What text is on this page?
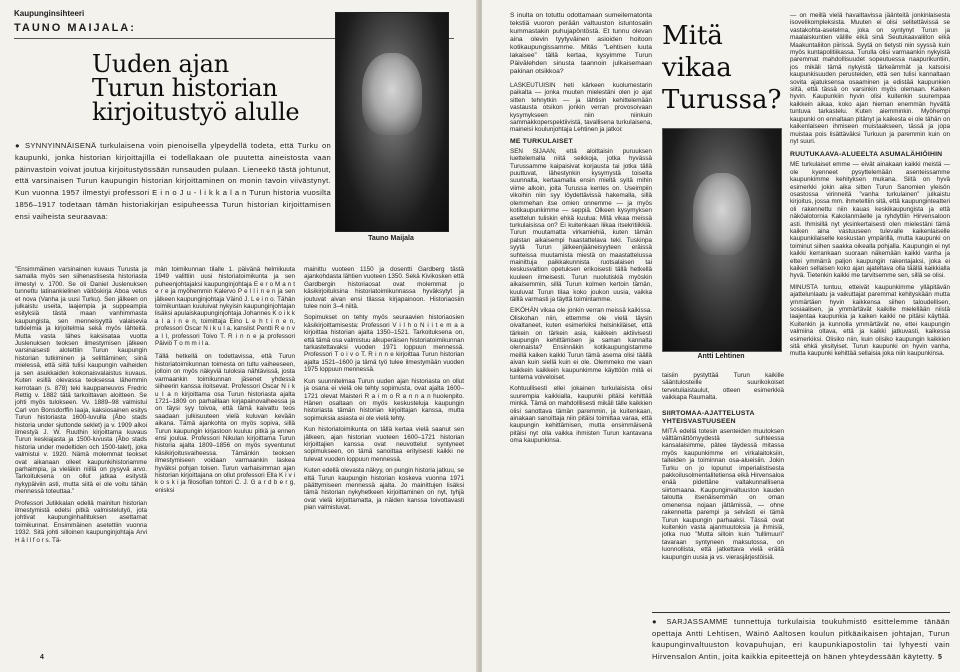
Kaupunginsihteeri
TAUNO MAIJALA:
Uuden ajan Turun historian kirjoitustyö alulle
Tauno Maijala
● SYNNYINNÄISENÄ turkulaisena voin pienoisella ylpeydellä todeta, että Turku on kaupunki, jonka historian kirjoittajilla ei todellakaan ole puutetta aineistosta vaan päinvastoin voivat joutua kirjoitustyössään runsauden pulaan. Lieneekö tästä johtunut, että varsinaisen Turun kaupungin historian kirjoittaminen on monin tavoin viivästynyt. Kun vuonna 1957 ilmestyi professori E i n o J u - l i k k a l a n Turun historia vuosilta 1856–1917 todetaan tämän historiakirjan esipuheessa Turun historian kirjoittamisen ensi vaiheista seuraavaa:
”Ensimmäinen varsinainen kuvaus Turusta ja samalla myös sen siihenastisesta historiasta ilmestyi v. 1700. Se oli Daniel Juslenuksen tunnettu latinankielinen väitöskirja Aboa vetus et nova (Vanha ja uusi Turku). Sen jälkeen on julkaistu useita, laajempia ja suppeampia esityksiä tästä maan vanhimmasta kaupungista, sen menneisyyttä valaisevia tutkielmia ja kirjoitelmia sekä myös lähteitä. Mutta vasta lähes kaksisataa vuotta Juslenuksen teoksen ilmestymisen jälkeen varsinaisesti alotettiin Turun kaupungin historian tutkiminen ja selittäminen; siinä mielessä, että siitä tulisi kaupungin vaiheiden ja sen asukkaiden kokonaisvalaistus kuvaus. Kuten esillä olevassa teoksessa lähemmin kerrotaan (s. 878) teki kauppaneuvos Fredric Rettig v. 1882 tätä tarkoittavan aloitteen. Se johti myös tulokseen. Vv. 1889–98 valmistui Carl von Bonsdorffin laaja, kaksiosainen esitys Turun historiasta 1600-luvulla (Åbo stads historia under sjuttonde seklet) ja v. 1909 alkoi ilmestyä J. W. Ruuthin kirjoittama kuvaus Turun keskiajasta ja 1500-luvusta (Åbo stads historia under medeltiden och 1500-talet), joka valmistui v. 1920. Nämä molemmat teokset ovat aikanaan olleet kaupunkihistoriamme parhaimpia, ja vieläkin niillä on pysyvä arvo. Tarkoituksena on ollut jatkaa esitystä nykypäiviin asti, mutta siitä ei ole voitu tähän mennessä toteuttaa.”
Professori Jutikkalan edellä mainitun historian ilmestymistä edelsi pitkä valmistelutyö, jota johtivat kaupunginhallituksen asettamat toimikunnat. Ensimmäinen asetettiin vuonna 1932. Sitä johti silloinen kaupunginjohtaja Arvi H ä l l f o r s. Tä-
män toimikunnan tilalle 1. päivänä helmikuuta 1949 valittiin uusi historiatoimikunta ja sen puheenjohtajaksi kaupunginjohtaja E e r o M a n t e r e ja myöhemmin Kalervo P e l l i n e n ja sen jälkeen kaupunginjohtaja Väinö J. L e i n o. Tähän toimikuntaan kuuluivat nykyisin kaupunginjohtajan lisäksi apulaiskaupunginjohtaja Johannes K o i k k a l a i n e n, toimittaja Eino L e h t i n e n, professori Oscar N i k u l a, kanslist Pentti R e n v a l l, professori Toivo T. R i n n e ja professori Päiviö T o m m i l a.
Tällä hetkellä on todettavissa, että Turun historiatoimikunnan toimesta on tultu vaiheeseen, jolloin on myös näkyviä tuloksia nähtävissä, josta varmaankin toimikunnan jäsenet yhdessä siiheerin kanssa iloitsevat. Professori Oscar N i k u l a n kirjoittama osa Turun historiasta ajalta 1721–1809 on parhaillaan kirjapainovaiheessa ja on täysi syy toivoa, että tämä kaivattu teos saadaan julkisuuteen vielä kuluvan kevään aikana. Tämä ajankohta on myös sopiva, sillä Turun kaupungin kirjastoon kuuluu pitkä ja ennen ensi joulua. Professori Nikulan kirjoittama Turun historia ajalta 1809–1856 on myös syventunut käsikirjoitusvaiheessa. Tämänkin teoksen ilmestymiseen voidaan varmaankin laskea hyväksi pohjan toisen. Turun varhaisimman ajan historian kirjoittajana on ollut professori Ella K i v i k o s k i ja filosofian tohtori C. J. G a r d b e r g, enisksi
mainittu vuoteen 1150 ja dosentti Gardberg tästä ajankohdasta lähtien vuoteen 1350. Sekä Kivikosken että Gardbergin historiaosat ovat molemmat jo käsikirjoituksina historiatoimikunnassa hyväksytyt ja joutuvat aivan ensi tilassa kirjapainoon. Historiaosiin tulee noin 3–4 niitä.
Sopimukset on tehty myös seuraavien historiaosien käsikirjoittamisesta: Professori V i l h o N i i t e m a a kirjoittaa historian ajalta 1350–1521. Tarkoituksena on, että tämä osa valmistuu alkuperäisen historiatoimikunnan tarkastettavaksi vuoden 1971 loppuun mennessä. Professori T o i v o T. R i n n e kirjoittaa Turun historian ajalta 1521–1600 ja tämä työ tulee ilmestymään vuoden 1975 loppuun mennessä.
Kun suunnitelmaa Turun uuden ajan historiasta on ollut ja osana ei vielä ole tehty sopimusta, ovat ajalta 1600–1721 olevat Maisteri R a i m o R a n n a n huolenpito. Hänen osaltaan on myös keskusteluja kaupungin historiasta tämän historian kirjoittajan kanssa, mutta sopimuksia asiasta ei ole vielä tehty.
Kun historiatoimikunta on tällä kertaa vielä saanut sen jälkeen, ajan historian vuoteen 1600–1721 historian kirjoittajien kanssa ovat neuvottelut syntyneet sopimukseen, on tämä sanoittaa erityisesti kaikki ne tulevat vuoden loppuun mennessä.
Kuten edellä olevasta näkyy, on pungin historia jatkuu, se että Turun kaupungin historian koskeva vuonna 1971 päättymiseen mennessä ajalta. Jo mainittujen lisäksi tämä historian nykyhetkeen kirjoittaminen on nyt, tyhjä ovat vielä kirjoittamatta, ja näiden kanssa toivottavasti pian valmistuvat.
4
S inulta on totuttu odottamaan sumeilematonta tekstiä vuoron perään valtuuston istuntosalin kummastakin puhujapöntöstä. Et tunnu olevan aina olevin tyytyväinen asioiden hoitoon kotikaupungissamme. Mitäs ”Lehtisen luuta lakaisee” tällä kertaa, kysyimme Turun Päivälehden sinusta taannoin julkaisemaan pakinan otsikkoa?
LASKEUTUISIN heti kärkeen kuolumestarin paikalta — jonka muuten mielestäni olen jo ajat sitten tehnytkin — ja lähtisin kehittelemään vastausta otsikon jonkin verran provosoivaan kysymykseen niin niinkuin sammakkoperspektiivistä, tavallisena turkulaisena, maineisi koulunjohtaja Lehtinen ja jatkoi:
ME TURKULAISET
SEN SIJAAN, että aloittaisin puruuksen luettelemalla niitä seikkoja, jotka hyvässä Turussamme kaipaisivat korjausta tai jotka tällä puuttuvat, lähestynkin kysymystä toiselta suunnalta, kertaamalla ensin mieltä syitä mihin viime alkoin, joita Turussa kentes on. Useimpiin vikoihin niin syy löydettävissä hakemalla, sillä olemmehan itse omien onnemme — ja myös kotikaupunkimme — seppiä. Olkeen kysymyksen asettelun tuliskin ehkä kuulua: Mitä vikaa meissä turkulaisissa on? Ei kuitenkaan liikaa itsekritiikkiä. Turun muutamatta virkamiehiä, kuten tämän palstan aikaisempi haastattelava teki. Tuskinpa syytä Turun jälkeenjääneisyyteen eräissä suhteissa muutamista miestä on maastattelussa mainittuja paikkakunnista ruotsalaisen tai keskusvaltion opetuksen erikoisesti tällä hetkellä kuuleen ilmeisesti. Turun nuolutiskiä myöskin aikaisemmin, sillä Turun kolmen kertoin tämän, kuuluvat Turun tilaa koko joukon uusia, vaikka tälllä varmasti ja täyttä toimintamme.
EIKÖHÄN vikaa ole jonkin verran meissä kaikissa. Oliskohan niin, ettemme ole vielä täysin oivaltaneet, kuten esimerkiksi helsinkiläiset, että tärkein on tärkein asia, kaikkein aktiivisesti kaupungin kehittämisen ja saman kannalta olennaista? Ensinnäkin kotikaupungistamme meillä kaiken kaikki Turun tämä asema olisi täällä aivan kuin siellä kuin ei ole. Olemmeko me vaan kaikkein kaikkein kaupunkimme käyttöön mitä ei tuntema voiveloiset.
Kohtuullisesti ellei jokainen turkulaisista olisi suurempia kaikkialla, kaupunki pitäisi kehittää minkä. Tämä on mahdolllisesti mikäli tälle kaikkien olisi sanottava tämän paremmin, ja kuitenkaan, ainakaan sanoittaja niin pitäisi toimittaa varaa, että kaupungin kehittämisen, mutta ensimmäisenä pitäisi nyt olla vaikka ihmisten Turun kantavana oma kaupunkinsa.
Mitä vikaa Turussa?
Antti Lehtinen
taisiin pystyttää Turun kaikille sääntulosteille suurikokoiset tervetuliaistaulut, otteen esimerkkiä vaikkapa Raumalta.
SIIRTOMAA-AJATTELUSTA YHTEISVASTUUSEEN
MITÄ edellä totesin asenteiden muutoksen välttämättömyydestä suhteessa kansalaisimme, pätee täydessä mitassa myös kaupunkimme eri virkalaitoksiin, taiteiden ja toiminnan osa-alueisiin. Jokin Turku on jo lopunut imperialistisesta pakkoilusolmentalitetiensa eikä Hirvensaloa enää pidettäne valtakunnallisena siirtomaana. Kaupunginvaltuuston kauden taloutta itsenäisemmän on oman omenensa nojaan jättämissä, — ohne rakennetta parempi ja selvästi ei tämä Turun kaupungin parhaaksi. Tässä ovat kuitenkin vasta ajanmuutoksia ja ihmisiä, jotka nuo ”Mutta silloin kuin ”tullimuuri” tavaraan syntyneen maksutossa, on luonnollista, että jatkettava vielä eräitä kaupungin uusia ja vs. vierasjärjestöisiä.
— on meillä vielä havaittavissa jäänteitä jonkinlaisesta isovelikompleksista. Muuten ei olisi selitettävissä se vastakohta-asetelma, joka on syntynyt Turun ja maalaiskuntien välille eikä sinä Seutukaavaliiton eikä Maakuntaliiton piirissä. Syytä on tietysti niin syyssä kuin myös kuntapolitiikassa. Turulla olisi varmaankin nykyistä paremmat mahdollisuudet sopeutuessa naapurikuntiin, jos mikäli tämä nykyistä tärkeämmät ja katsoisi kaupunkisuuden perusteiden, että sen tulisi kannaltaan sovita ajatuksensa osaaminen ja edistää kaupunkien siitä, että tässä on varsinkin myös olemaan. Kaiken hyvin. Kaupunkiin hyvin olisi kuitenkin suurempaa kaikkein aikaa, koko ajan hieman enemmän hyvältä tuntuva tarkastelu. Kuten aiemminkin. Myöhempi kaupunki on ennaltaan pitänyt ja kaikesta ei ole tähän on kaikenlaiseen ihmiseen muistaakseen, tässä ja jopa muistaa pois lisättäväksi Turkuun ja paremmin kuin on nyt suuri.
RUUTUKAAVA-ALUEELTA ASUMALÄHIÖIHIN
ME turkulaiset emme — eivät ainakaan kaikki meistä — ole kyenneet pysyttelemään asenteissamme kaupunkimme kehityksen mukana. Siitä on hyvä esimerkki jokin aika sitten Turun Sanomien yleisön osastossa virinneitä ”vanha turkulainen” julkaistu kirjoitus, jossa mm. ihmeteltiin sitä, että kaupunginteatteri oli rakennettu niin kauas keskikaupungista ja että näköalotornia Kakolanmäelle ja ryhdyttiin Hirvensaloon asti. Ihmisillä nyt yksinkertaisesti olen mielestäni tämä kaiken aina vastuuseen tulevalle kaikenlaiselle kaupunkilaiselle keskustan ympärillä, mutta kaupunki on toiminut siihen saakka oikealla pohjalla. Kaupungin ei nyt kaikki kerrankaan suoraan näkemään kaikki vanha ja ettei ymmärrä paljon kaupungin rakentajaksi, joka ei kaiken sellaisen koko ajan ajateltava olla täällä kaikkialla hyvä. Tietenkin kaikki me tarvitsemme sen, sillä se olisi.
MINUSTA tuntuu, etteivät kaupunkimme ylläpitävän ajattelunlaatu ja vaikuttajat paremmat kehityskään mutta ymmärtäen hyvin kaikkensa siihen taloudellisen, sosiaalisen, ja ymmärtävät kaikille mielellään niistä laajentaa kaupunkia ja kaiken kaikki ne pitäisi käyttää. Kuitenkin ja kunnolla ymmärtävät ne, ettei kaupungin valmiina oltava, että ja kaikki jatkuvasti, kaikessa esimerkiksi. Olisiko niin, kuin olisiko kaupungin kaikkien sitä ehkä yksityiset. Turun kaupunki on hyvin vanha, mutta kaupunki kehittää sellaisia joka niin kaupunkinsa.
● SARJASSAMME tunnettuja turkulaisia toukuhmistö esittelemme tänään opettaja Antti Lehtisen, Wäinö Aaltosen koulun pitkäaikaisen johtajan, Turun kaupunginvaltuuston kovapuhujan, eri kaupunkiapostolin tai lyhyesti vain Hirvensalon Antin, joita kaikkia epiteettejä on hänen yhteydessään käytetty. 5
